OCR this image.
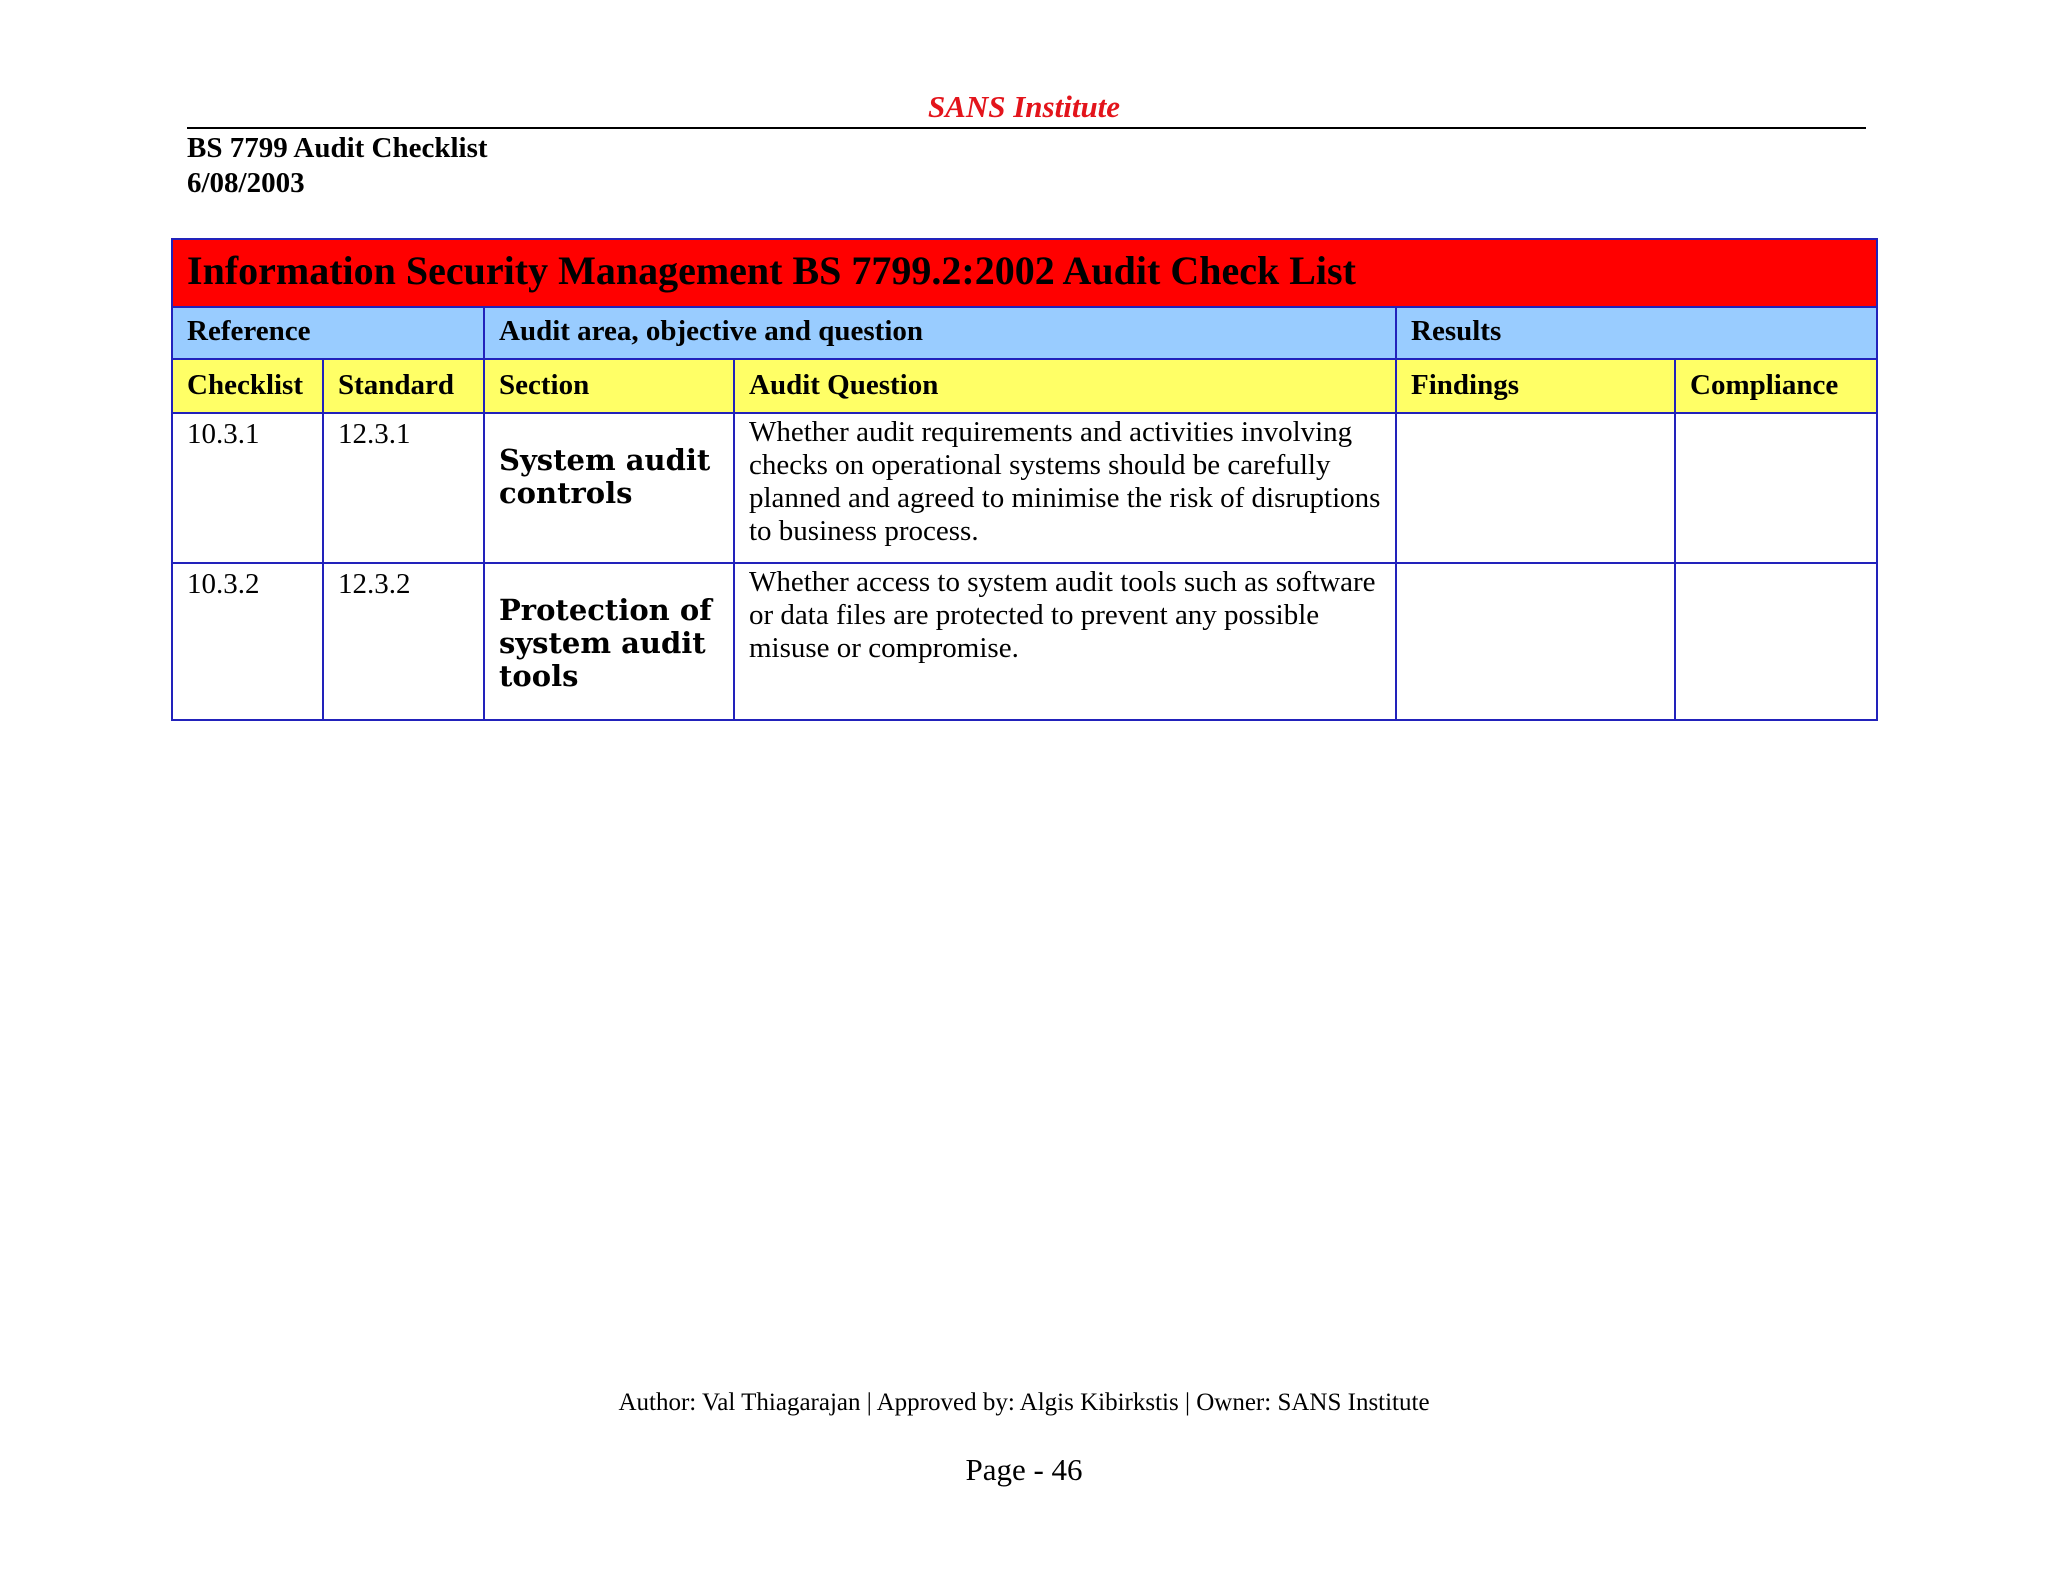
SANS Institute
BS 7799 Audit Checklist
6/08/2003
Information Security Management BS 7799.2:2002 Audit Check List					
Reference		Audit area, objective and question		Results	
Checklist	Standard	Section	Audit Question	Findings	Compliance
10.3.1	12.3.1	System audit controls	Whether audit requirements and activities involving checks on operational systems should be carefully planned and agreed to minimise the risk of disruptions to business process.		
10.3.2	12.3.2	Protection of system audit tools	Whether access to system audit tools such as software or data files are protected to prevent any possible misuse or compromise.		
Author: Val Thiagarajan | Approved by: Algis Kibirkstis | Owner: SANS Institute
Page - 46
